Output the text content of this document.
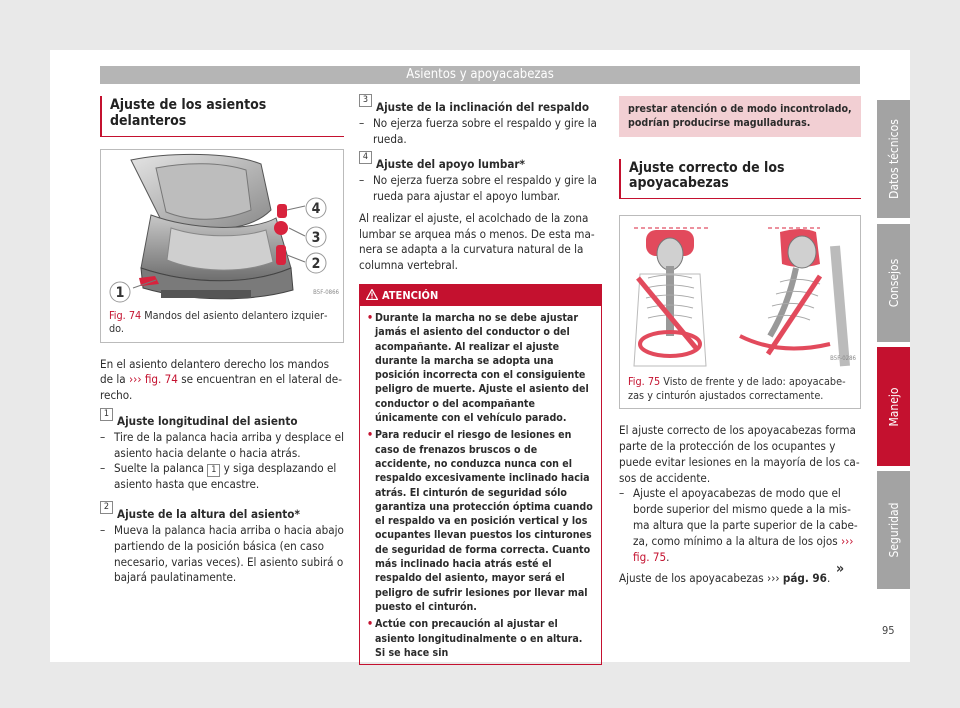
Asientos y apoyacabezas
Ajuste de los asientos delanteros
1
2
3
4
B5F-0866
Fig. 74 Mandos del asiento delantero izquierdo.

En el asiento delantero derecho los mandos de la ››› fig. 74 se encuentran en el lateral derecho.

1 Ajuste longitudinal del asiento

– Tire de la palanca hacia arriba y desplace el asiento hacia delante o hacia atrás.

– Suelte la palanca 1 y siga desplazando el asiento hasta que encastre.

2 Ajuste de la altura del asiento*

– Mueva la palanca hacia arriba o hacia abajo partiendo de la posición básica (en caso necesario, varias veces). El asiento subirá o bajará paulatinamente.

3 Ajuste de la inclinación del respaldo

– No ejerza fuerza sobre el respaldo y gire la rueda.

4 Ajuste del apoyo lumbar*

– No ejerza fuerza sobre el respaldo y gire la rueda para ajustar el apoyo lumbar.

Al realizar el ajuste, el acolchado de la zona lumbar se arquea más o menos. De esta manera se adapta a la curvatura natural de la columna vertebral.

ATENCIÓN

• Durante la marcha no se debe ajustar jamás el asiento del conductor o del acompañante. Al realizar el ajuste durante la marcha se adopta una posición incorrecta con el consiguiente peligro de muerte. Ajuste el asiento del conductor o del acompañante únicamente con el vehículo parado.

• Para reducir el riesgo de lesiones en caso de frenazos bruscos o de accidente, no conduzca nunca con el respaldo excesivamente inclinado hacia atrás. El cinturón de seguridad sólo garantiza una protección óptima cuando el respaldo va en posición vertical y los ocupantes llevan puestos los cinturones de seguridad de forma correcta. Cuanto más inclinado hacia atrás esté el respaldo del asiento, mayor será el peligro de sufrir lesiones por llevar mal puesto el cinturón.

• Actúe con precaución al ajustar el asiento longitudinalmente o en altura. Si se hace sin

prestar atención o de modo incontrolado, podrían producirse magulladuras.
Ajuste correcto de los apoyacabezas
B5F-0286
Fig. 75 Visto de frente y de lado: apoyacabezas y cinturón ajustados correctamente.

El ajuste correcto de los apoyacabezas forma parte de la protección de los ocupantes y puede evitar lesiones en la mayoría de los casos de accidente.

– Ajuste el apoyacabezas de modo que el borde superior del mismo quede a la misma altura que la parte superior de la cabeza, como mínimo a la altura de los ojos ››› fig. 75.

Ajuste de los apoyacabezas ››› pág. 96.

»
Datos técnicos
Consejos
Manejo
Seguridad
95
